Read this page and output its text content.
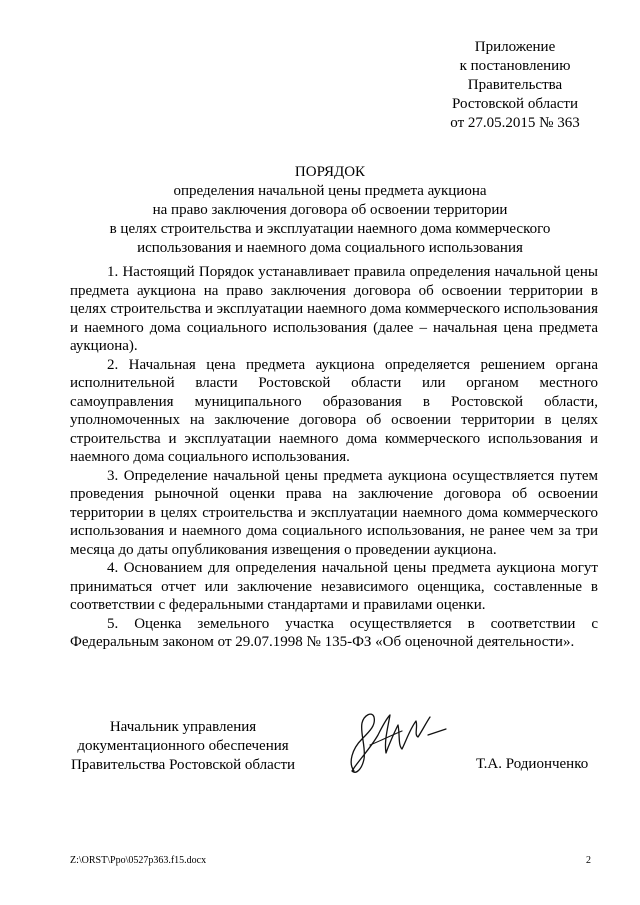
Приложение
к постановлению
Правительства
Ростовской области
от 27.05.2015 № 363
ПОРЯДОК
определения начальной цены предмета аукциона
на право заключения договора об освоении территории
в целях строительства и эксплуатации наемного дома коммерческого
использования и наемного дома социального использования

1. Настоящий Порядок устанавливает правила определения начальной цены предмета аукциона на право заключения договора об освоении территории в целях строительства и эксплуатации наемного дома коммерческого использования и наемного дома социального использования (далее – начальная цена предмета аукциона).

2. Начальная цена предмета аукциона определяется решением органа исполнительной власти Ростовской области или органом местного самоуправления муниципального образования в Ростовской области, уполномоченных на заключение договора об освоении территории в целях строительства и эксплуатации наемного дома коммерческого использования и наемного дома социального использования.

3. Определение начальной цены предмета аукциона осуществляется путем проведения рыночной оценки права на заключение договора об освоении территории в целях строительства и эксплуатации наемного дома коммерческого использования и наемного дома социального использования, не ранее чем за три месяца до даты опубликования извещения о проведении аукциона.

4. Основанием для определения начальной цены предмета аукциона могут приниматься отчет или заключение независимого оценщика, составленные в соответствии с федеральными стандартами и правилами оценки.

5. Оценка земельного участка осуществляется в соответствии с Федеральным законом от 29.07.1998 № 135-ФЗ «Об оценочной деятельности».

Начальник управления
документационного обеспечения
Правительства Ростовской области	Т.А. Родионченко
Z:\ORST\Ppo\0527p363.f15.docx	2
